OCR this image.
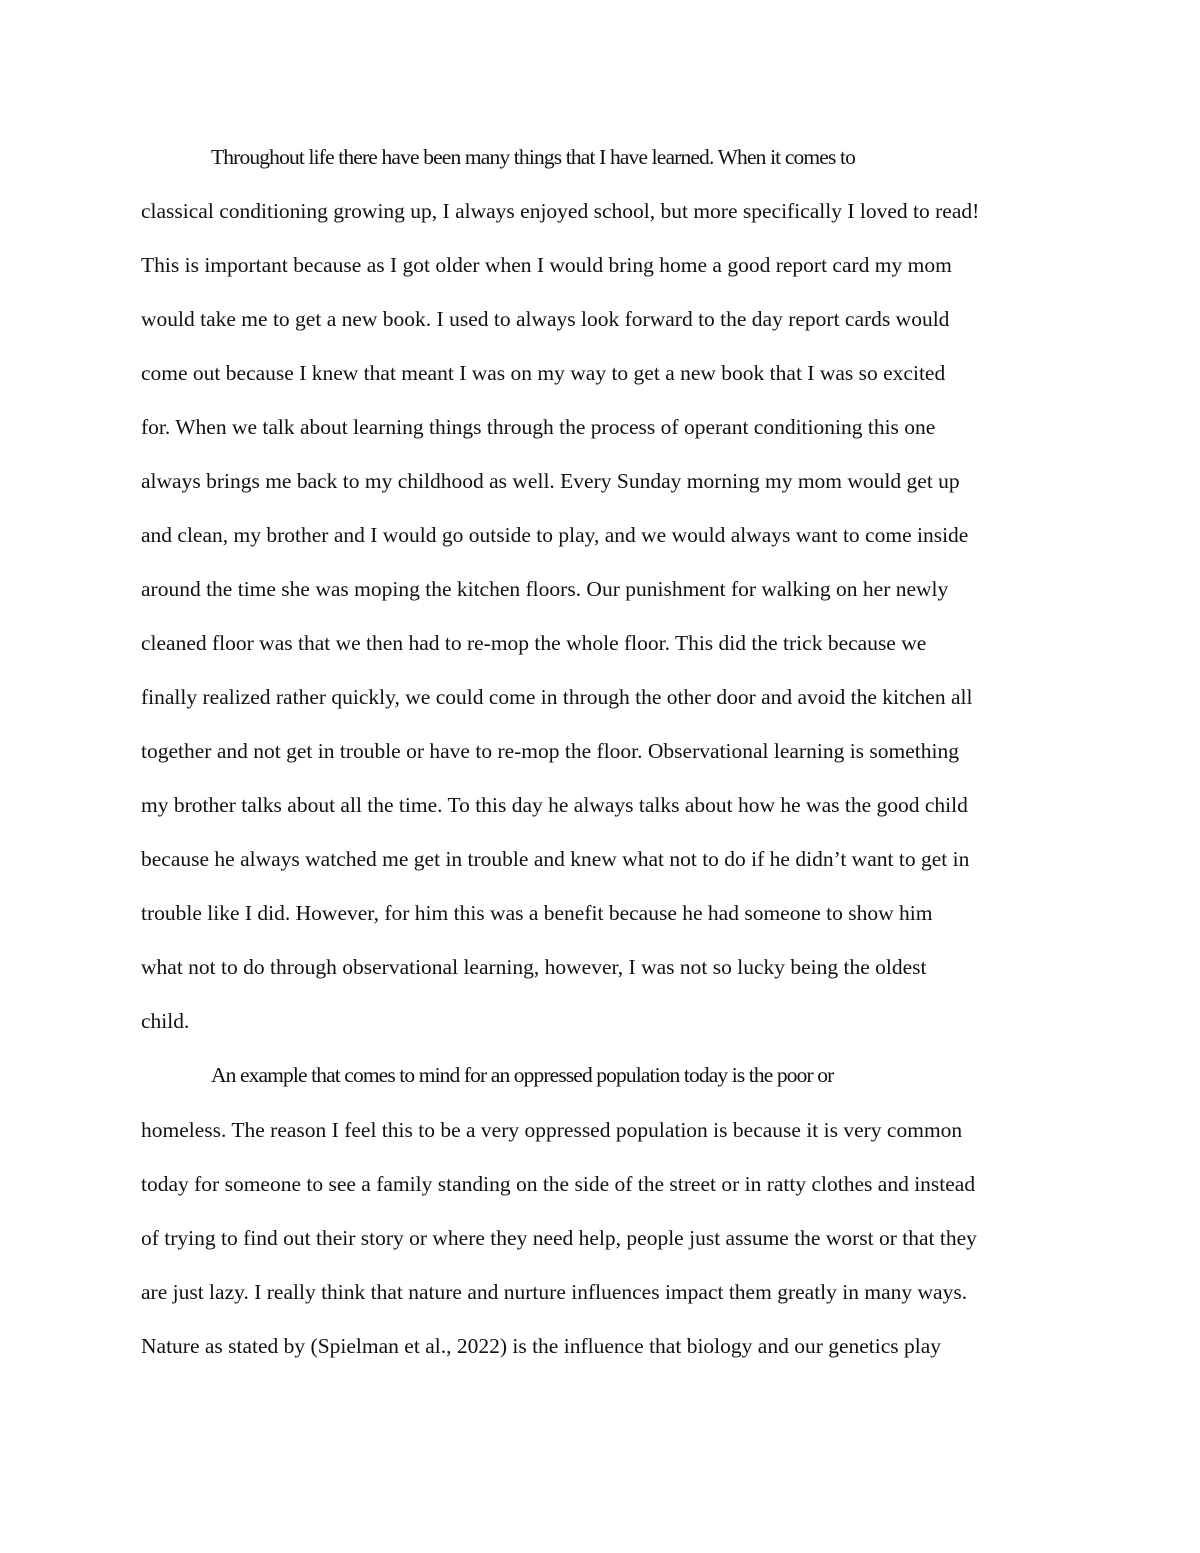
Throughout life there have been many things that I have learned. When it comes to

classical conditioning growing up, I always enjoyed school, but more specifically I loved to read!

This is important because as I got older when I would bring home a good report card my mom

would take me to get a new book. I used to always look forward to the day report cards would

come out because I knew that meant I was on my way to get a new book that I was so excited

for. When we talk about learning things through the process of operant conditioning this one

always brings me back to my childhood as well. Every Sunday morning my mom would get up

and clean, my brother and I would go outside to play, and we would always want to come inside

around the time she was moping the kitchen floors. Our punishment for walking on her newly

cleaned floor was that we then had to re-mop the whole floor. This did the trick because we

finally realized rather quickly, we could come in through the other door and avoid the kitchen all

together and not get in trouble or have to re-mop the floor. Observational learning is something

my brother talks about all the time. To this day he always talks about how he was the good child

because he always watched me get in trouble and knew what not to do if he didn’t want to get in

trouble like I did. However, for him this was a benefit because he had someone to show him

what not to do through observational learning, however, I was not so lucky being the oldest

child.

An example that comes to mind for an oppressed population today is the poor or

homeless. The reason I feel this to be a very oppressed population is because it is very common

today for someone to see a family standing on the side of the street or in ratty clothes and instead

of trying to find out their story or where they need help, people just assume the worst or that they

are just lazy. I really think that nature and nurture influences impact them greatly in many ways.

Nature as stated by (Spielman et al., 2022) is the influence that biology and our genetics play
